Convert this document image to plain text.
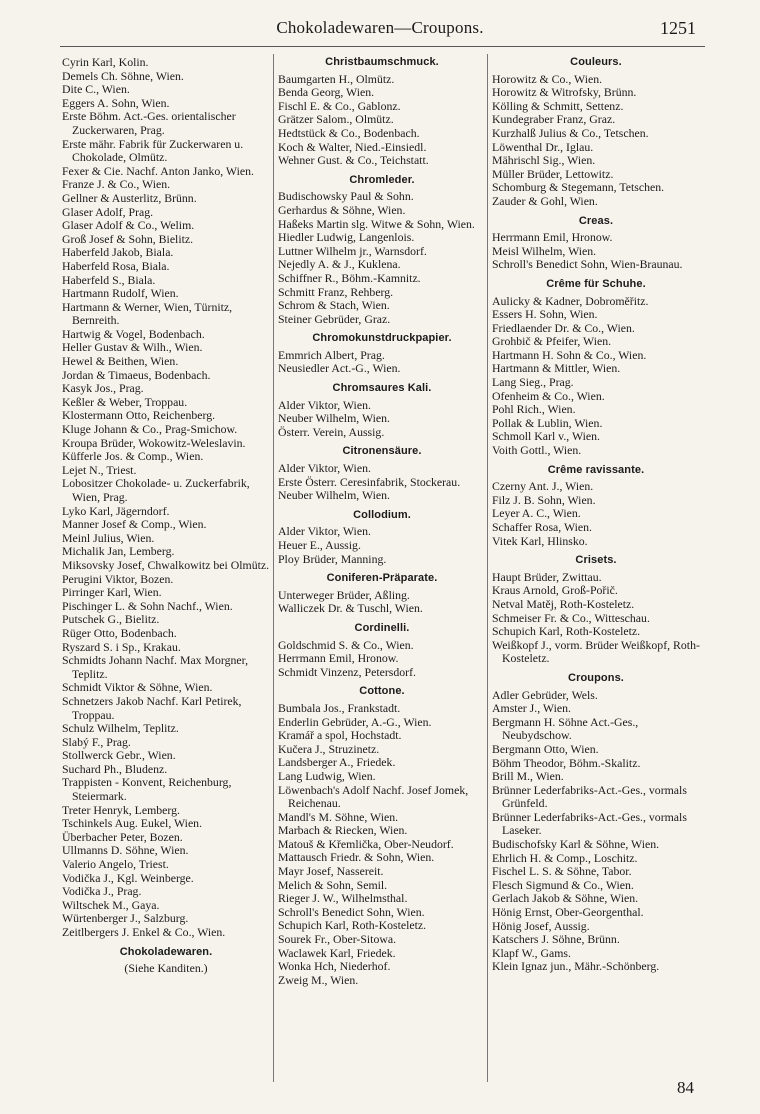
Chokoladewaren—Croupons.	1251
Cyrin Karl, Kolin.
Demels Ch. Söhne, Wien.
Dite C., Wien.
Eggers A. Sohn, Wien.
Erste Böhm. Act.-Ges. orientalischer Zuckerwaren, Prag.
Erste mähr. Fabrik für Zuckerwaren u. Chokolade, Olmütz.
Fexer & Cie. Nachf. Anton Janko, Wien.
Franze J. & Co., Wien.
Gellner & Austerlitz, Brünn.
Glaser Adolf, Prag.
Glaser Adolf & Co., Welim.
Groß Josef & Sohn, Bielitz.
Haberfeld Jakob, Biala.
Haberfeld Rosa, Biala.
Haberfeld S., Biala.
Hartmann Rudolf, Wien.
Hartmann & Werner, Wien, Türnitz, Bernreith.
Hartwig & Vogel, Bodenbach.
Heller Gustav & Wilh., Wien.
Hewel & Beithen, Wien.
Jordan & Timaeus, Bodenbach.
Kasyk Jos., Prag.
Keßler & Weber, Troppau.
Klostermann Otto, Reichenberg.
Kluge Johann & Co., Prag-Smichow.
Kroupa Brüder, Wokowitz-Weleslavin.
Küfferle Jos. & Comp., Wien.
Lejet N., Triest.
Lobositzer Chokolade- u. Zuckerfabrik, Wien, Prag.
Lyko Karl, Jägerndorf.
Manner Josef & Comp., Wien.
Meinl Julius, Wien.
Michalik Jan, Lemberg.
Miksovsky Josef, Chwalkowitz bei Olmütz.
Perugini Viktor, Bozen.
Pirringer Karl, Wien.
Pischinger L. & Sohn Nachf., Wien.
Putschek G., Bielitz.
Rüger Otto, Bodenbach.
Ryszard S. i Sp., Krakau.
Schmidts Johann Nachf. Max Morgner, Teplitz.
Schmidt Viktor & Söhne, Wien.
Schnetzers Jakob Nachf. Karl Petirek, Troppau.
Schulz Wilhelm, Teplitz.
Slabý F., Prag.
Stollwerck Gebr., Wien.
Suchard Ph., Bludenz.
Trappisten - Konvent, Reichenburg, Steiermark.
Treter Henryk, Lemberg.
Tschinkels Aug. Eukel, Wien.
Überbacher Peter, Bozen.
Ullmanns D. Söhne, Wien.
Valerio Angelo, Triest.
Vodička J., Kgl. Weinberge.
Vodička J., Prag.
Wiltschek M., Gaya.
Würtenberger J., Salzburg.
Zeitlbergers J. Enkel & Co., Wien.
Chokoladewaren.
(Siehe Kanditen.)
Christbaumschmuck.
Baumgarten H., Olmütz.
Benda Georg, Wien.
Fischl E. & Co., Gablonz.
Grätzer Salom., Olmütz.
Hedtstück & Co., Bodenbach.
Koch & Walter, Nied.-Einsiedl.
Wehner Gust. & Co., Teichstatt.
Chromleder.
Budischowsky Paul & Sohn.
Gerhardus & Söhne, Wien.
Haßeks Martin slg. Witwe & Sohn, Wien.
Hiedler Ludwig, Langenlois.
Luttner Wilhelm jr., Warnsdorf.
Nejedly A. & J., Kuklena.
Schiffner R., Böhm.-Kamnitz.
Schmitt Franz, Rehberg.
Schrom & Stach, Wien.
Steiner Gebrüder, Graz.
Chromokunstdruckpapier.
Emmrich Albert, Prag.
Neusiedler Act.-G., Wien.
Chromsaures Kali.
Alder Viktor, Wien.
Neuber Wilhelm, Wien.
Österr. Verein, Aussig.
Citronensäure.
Alder Viktor, Wien.
Erste Österr. Ceresinfabrik, Stockerau.
Neuber Wilhelm, Wien.
Collodium.
Alder Viktor, Wien.
Heuer E., Aussig.
Ploy Brüder, Manning.
Coniferen-Präparate.
Unterweger Brüder, Aßling.
Walliczek Dr. & Tuschl, Wien.
Cordinelli.
Goldschmid S. & Co., Wien.
Herrmann Emil, Hronow.
Schmidt Vinzenz, Petersdorf.
Cottone.
Bumbala Jos., Frankstadt.
Enderlin Gebrüder, A.-G., Wien.
Kramář a spol, Hochstadt.
Kučera J., Struzinetz.
Landsberger A., Friedek.
Lang Ludwig, Wien.
Löwenbach's Adolf Nachf. Josef Jomek, Reichenau.
Mandl's M. Söhne, Wien.
Marbach & Riecken, Wien.
Matouš & Křemlička, Ober-Neudorf.
Mattausch Friedr. & Sohn, Wien.
Mayr Josef, Nassereit.
Melich & Sohn, Semil.
Rieger J. W., Wilhelmsthal.
Schroll's Benedict Sohn, Wien.
Schupich Karl, Roth-Kosteletz.
Sourek Fr., Ober-Sitowa.
Waclawek Karl, Friedek.
Wonka Hch, Niederhof.
Zweig M., Wien.
Couleurs.
Horowitz & Co., Wien.
Horowitz & Witrofsky, Brünn.
Kölling & Schmitt, Settenz.
Kundegraber Franz, Graz.
Kurzhalß Julius & Co., Tetschen.
Löwenthal Dr., Iglau.
Mährischl Sig., Wien.
Müller Brüder, Lettowitz.
Schomburg & Stegemann, Tetschen.
Zauder & Gohl, Wien.
Creas.
Herrmann Emil, Hronow.
Meisl Wilhelm, Wien.
Schroll's Benedict Sohn, Wien-Braunau.
Crême für Schuhe.
Aulicky & Kadner, Dobroměřitz.
Essers H. Sohn, Wien.
Friedlaender Dr. & Co., Wien.
Grohbič & Pfeifer, Wien.
Hartmann H. Sohn & Co., Wien.
Hartmann & Mittler, Wien.
Lang Sieg., Prag.
Ofenheim & Co., Wien.
Pohl Rich., Wien.
Pollak & Lublin, Wien.
Schmoll Karl v., Wien.
Voith Gottl., Wien.
Crême ravissante.
Czerny Ant. J., Wien.
Filz J. B. Sohn, Wien.
Leyer A. C., Wien.
Schaffer Rosa, Wien.
Vitek Karl, Hlinsko.
Crisets.
Haupt Brüder, Zwittau.
Kraus Arnold, Groß-Pořič.
Netval Matěj, Roth-Kosteletz.
Schmeiser Fr. & Co., Witteschau.
Schupich Karl, Roth-Kosteletz.
Weißkopf J., vorm. Brüder Weißkopf, Roth-Kosteletz.
Croupons.
Adler Gebrüder, Wels.
Amster J., Wien.
Bergmann H. Söhne Act.-Ges., Neubydschow.
Bergmann Otto, Wien.
Böhm Theodor, Böhm.-Skalitz.
Brill M., Wien.
Brünner Lederfabriks-Act.-Ges., vormals Grünfeld.
Brünner Lederfabriks-Act.-Ges., vormals Laseker.
Budischofsky Karl & Söhne, Wien.
Ehrlich H. & Comp., Loschitz.
Fischel L. S. & Söhne, Tabor.
Flesch Sigmund & Co., Wien.
Gerlach Jakob & Söhne, Wien.
Hönig Ernst, Ober-Georgenthal.
Hönig Josef, Aussig.
Katschers J. Söhne, Brünn.
Klapf W., Gams.
Klein Ignaz jun., Mähr.-Schönberg.
84
